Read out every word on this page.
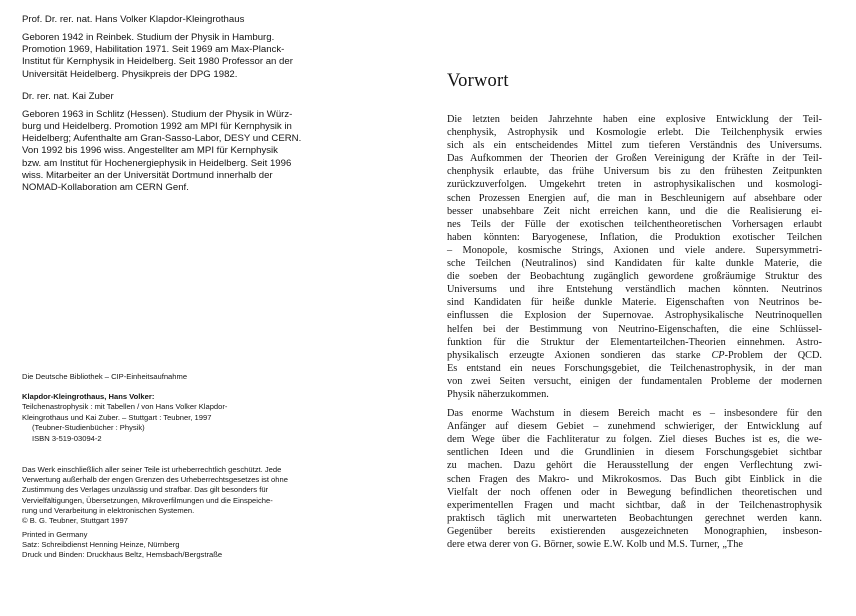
Prof. Dr. rer. nat. Hans Volker Klapdor-Kleingrothaus

Geboren 1942 in Reinbek. Studium der Physik in Hamburg.
Promotion 1969, Habilitation 1971. Seit 1969 am Max-Planck-
Institut für Kernphysik in Heidelberg. Seit 1980 Professor an der
Universität Heidelberg. Physikpreis der DPG 1982.

Dr. rer. nat. Kai Zuber

Geboren 1963 in Schlitz (Hessen). Studium der Physik in Würz-
burg und Heidelberg. Promotion 1992 am MPI für Kernphysik in
Heidelberg; Aufenthalte am Gran-Sasso-Labor, DESY und CERN.
Von 1992 bis 1996 wiss. Angestellter am MPI für Kernphysik
bzw. am Institut für Hochenergiephysik in Heidelberg. Seit 1996
wiss. Mitarbeiter an der Universität Dortmund innerhalb der
NOMAD-Kollaboration am CERN Genf.

Die Deutsche Bibliothek – CIP-Einheitsaufnahme
Klapdor-Kleingrothaus, Hans Volker:
Teilchenastrophysik : mit Tabellen / von Hans Volker Klapdor-
Kleingrothaus und Kai Zuber. – Stuttgart : Teubner, 1997
(Teubner-Studienbücher : Physik)
ISBN 3-519-03094-2
Das Werk einschließlich aller seiner Teile ist urheberrechtlich geschützt. Jede
Verwertung außerhalb der engen Grenzen des Urheberrechtsgesetzes ist ohne
Zustimmung des Verlages unzulässig und strafbar. Das gilt besonders für
Vervielfältigungen, Übersetzungen, Mikroverfilmungen und die Einspeiche-
rung und Verarbeitung in elektronischen Systemen.
© B. G. Teubner, Stuttgart 1997
Printed in Germany
Satz: Schreibdienst Henning Heinze, Nürnberg
Druck und Binden: Druckhaus Beltz, Hemsbach/Bergstraße
Vorwort

Die letzten beiden Jahrzehnte haben eine explosive Entwicklung der Teil-
chenphysik, Astrophysik und Kosmologie erlebt. Die Teilchenphysik erwies
sich als ein entscheidendes Mittel zum tieferen Verständnis des Universums.
Das Aufkommen der Theorien der Großen Vereinigung der Kräfte in der Teil-
chenphysik erlaubte, das frühe Universum bis zu den frühesten Zeitpunkten
zurückzuverfolgen. Umgekehrt treten in astrophysikalischen und kosmologi-
schen Prozessen Energien auf, die man in Beschleunigern auf absehbare oder
besser unabsehbare Zeit nicht erreichen kann, und die die Realisierung ei-
nes Teils der Fülle der exotischen teilchentheoretischen Vorhersagen erlaubt
haben könnten: Baryogenese, Inflation, die Produktion exotischer Teilchen
– Monopole, kosmische Strings, Axionen und viele andere. Supersymmetri-
sche Teilchen (Neutralinos) sind Kandidaten für kalte dunkle Materie, die
die soeben der Beobachtung zugänglich gewordene großräumige Struktur des
Universums und ihre Entstehung verständlich machen könnten. Neutrinos
sind Kandidaten für heiße dunkle Materie. Eigenschaften von Neutrinos be-
einflussen die Explosion der Supernovae. Astrophysikalische Neutrinoquellen
helfen bei der Bestimmung von Neutrino-Eigenschaften, die eine Schlüssel-
funktion für die Struktur der Elementarteilchen-Theorien einnehmen. Astro-
physikalisch erzeugte Axionen sondieren das starke CP-Problem der QCD.
Es entstand ein neues Forschungsgebiet, die Teilchenastrophysik, in der man
von zwei Seiten versucht, einigen der fundamentalen Probleme der modernen
Physik näherzukommen.

Das enorme Wachstum in diesem Bereich macht es – insbesondere für den
Anfänger auf diesem Gebiet – zunehmend schwieriger, der Entwicklung auf
dem Wege über die Fachliteratur zu folgen. Ziel dieses Buches ist es, die we-
sentlichen Ideen und die Grundlinien in diesem Forschungsgebiet sichtbar
zu machen. Dazu gehört die Herausstellung der engen Verflechtung zwi-
schen Fragen des Makro- und Mikrokosmos. Das Buch gibt Einblick in die
Vielfalt der noch offenen oder in Bewegung befindlichen theoretischen und
experimentellen Fragen und macht sichtbar, daß in der Teilchenastrophysik
praktisch täglich mit unerwarteten Beobachtungen gerechnet werden kann.
Gegenüber bereits existierenden ausgezeichneten Monographien, insbeson-
dere etwa derer von G. Börner, sowie E.W. Kolb und M.S. Turner, „The
